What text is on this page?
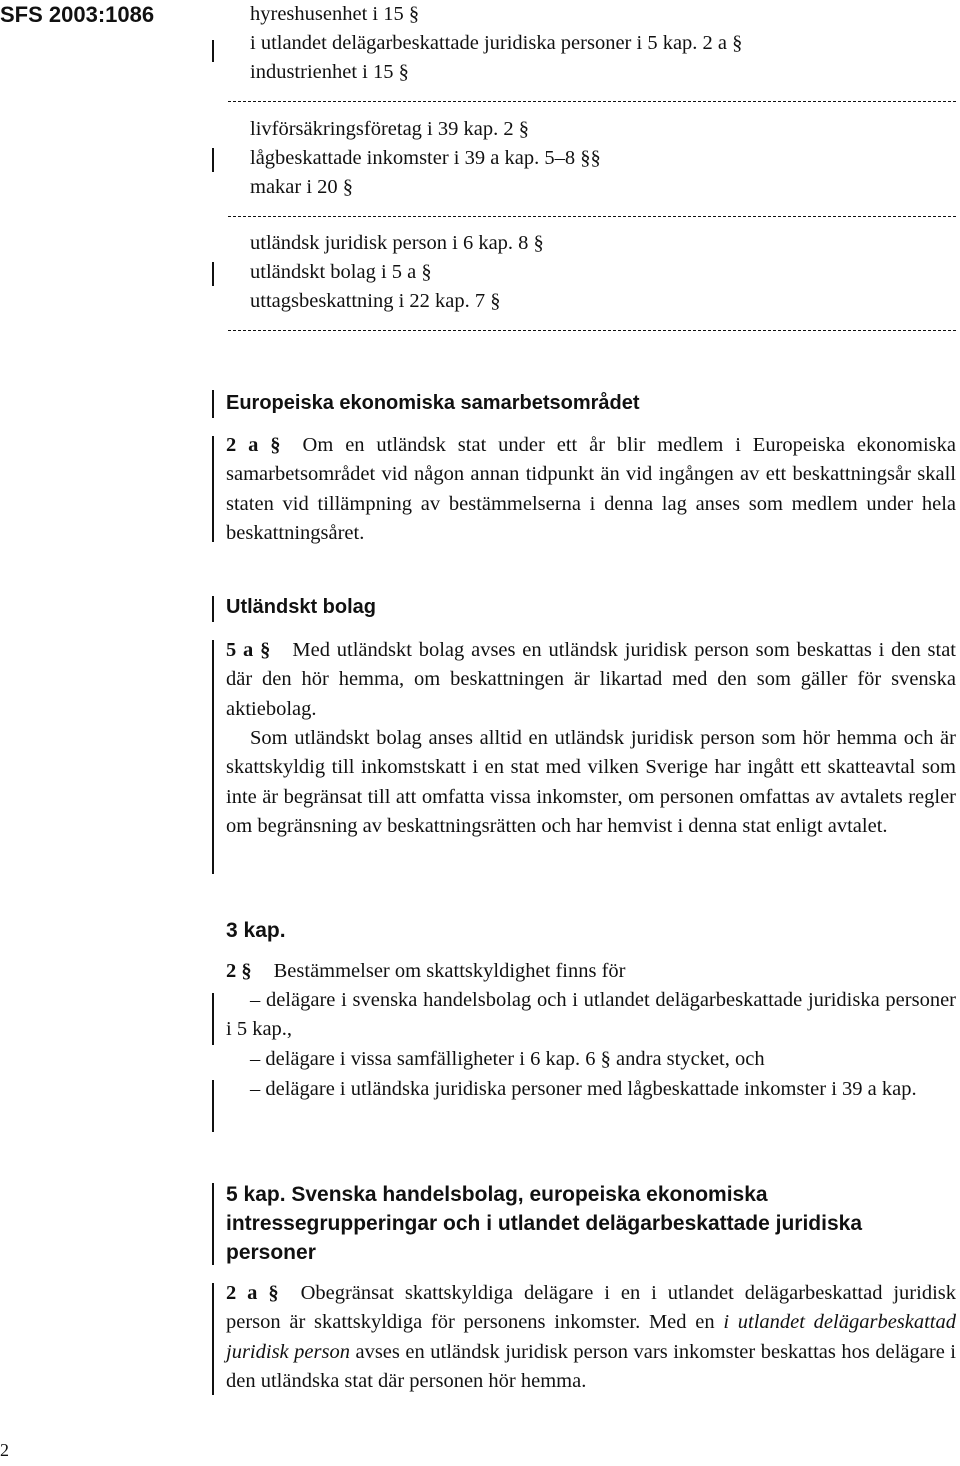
SFS 2003:1086	hyreshusenhet i 15 §
i utlandet delägarbeskattade juridiska personer i 5 kap. 2 a §
industrienhet i 15 §
livförsäkringsföretag i 39 kap. 2 §
lågbeskattade inkomster i 39 a kap. 5–8 §§
makar i 20 §
utländsk juridisk person i 6 kap. 8 §
utländskt bolag i 5 a §
uttagsbeskattning i 22 kap. 7 §
Europeiska ekonomiska samarbetsområdet

2 a § Om en utländsk stat under ett år blir medlem i Europeiska ekonomiska samarbetsområdet vid någon annan tidpunkt än vid ingången av ett beskattningsår skall staten vid tillämpning av bestämmelserna i denna lag anses som medlem under hela beskattningsåret.

Utländskt bolag

5 a § Med utländskt bolag avses en utländsk juridisk person som beskattas i den stat där den hör hemma, om beskattningen är likartad med den som gäller för svenska aktiebolag.

Som utländskt bolag anses alltid en utländsk juridisk person som hör hemma och är skattskyldig till inkomstskatt i en stat med vilken Sverige har ingått ett skatteavtal som inte är begränsat till att omfatta vissa inkomster, om personen omfattas av avtalets regler om begränsning av beskattningsrätten och har hemvist i denna stat enligt avtalet.

3 kap.
2 § Bestämmelser om skattskyldighet finns för

– delägare i svenska handelsbolag och i utlandet delägarbeskattade juridiska personer i 5 kap.,

– delägare i vissa samfälligheter i 6 kap. 6 § andra stycket, och

– delägare i utländska juridiska personer med lågbeskattade inkomster i 39 a kap.

5 kap. Svenska handelsbolag, europeiska ekonomiska intressegrupperingar och i utlandet delägarbeskattade juridiska personer

2 a § Obegränsat skattskyldiga delägare i en i utlandet delägarbeskattad juridisk person är skattskyldiga för personens inkomster. Med en i utlandet delägarbeskattad juridisk person avses en utländsk juridisk person vars inkomster beskattas hos delägare i den utländska stat där personen hör hemma.

2
